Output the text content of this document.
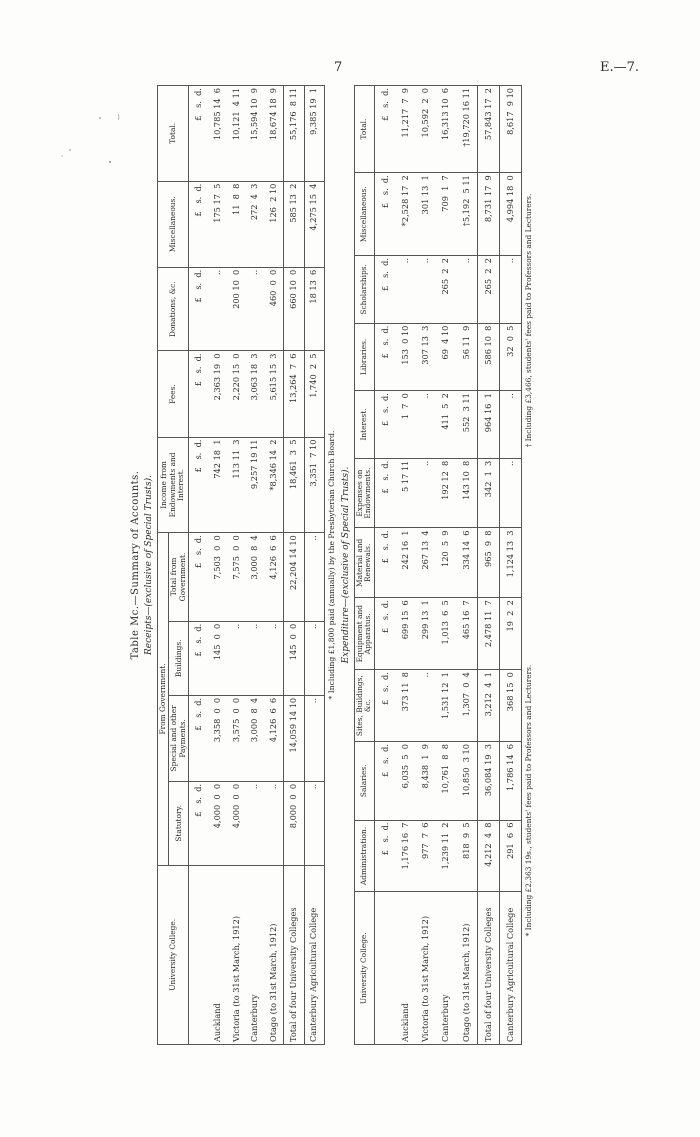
7	E.—7.
Table Mc.—Summary of Accounts. Receipts—(exclusive of Special Trusts).
University College.	From Government.				Income from Endowments and Interest.	Fees.	Donations, &c.	Miscellaneous.	Total.
	Statutory.	Special and other Payments.	Buildings.	Total from Government.					
	£   s.  d.	£   s.  d.	£   s.  d.	£   s.  d.	£   s.  d.	£   s.  d.	£   s.  d.	£   s.  d.	£   s.  d.
Auckland	4,000  0  0	3,358  0  0	145  0  0	7,503  0  0	742 18  1	2,363 19  0	..	175 17  5	10,785 14  6
Victoria (to 31st March, 1912)	4,000  0  0	3,575  0  0	..	7,575  0  0	113 11  3	2,220 15  0	200 10  0	11  8  8	10,121  4 11
Canterbury	..	3,000  8  4	..	3,000  8  4	9,257 19 11	3,063 18  3	..	272  4  3	15,594 10  9
Otago (to 31st March, 1912)	..	4,126  6  6	..	4,126  6  6	*8,346 14  2	5,615 15  3	460  0  0	126  2 10	18,674 18  9
Total of four University Colleges	8,000  0  0	14,059 14 10	145  0  0	22,204 14 10	18,461  3  5	13,264  7  6	660 10  0	585 13  2	55,176  8 11
Canterbury Agricultural College	..	..	..	..	3,351  7 10	1,740  2  5	18 13  6	4,275 15  4	9,385 19  1
* Including £1,800 paid (annually) by the Presbyterian Church Board. Expenditure—(exclusive of Special Trusts).
University College.	Administration.	Salaries.	Sites, Buildings, &c.	Equipment and Apparatus.	Material and Renewals.	Expenses on Endowments.	Interest.	Libraries.	Scholarships.	Miscellaneous.	Total.
	£   s.  d.	£   s.  d.	£   s.  d.	£   s.  d.	£   s.  d.	£   s.  d.	£   s.  d.	£   s.  d.	£   s.  d.	£   s.  d.	£   s.  d.
Auckland	1,176 16  7	6,035  5  0	373 11  8	699 15  6	242 16  1	5 17 11	1  7  0	153  0 10	..	*2,528 17  2	11,217  7  9
Victoria (to 31st March, 1912)	977  7  6	8,438  1  9	..	299 13  1	267 13  4	..	..	307 13  3	..	301 13  1	10,592  2  0
Canterbury	1,239 11  2	10,761  8  8	1,531 12  1	1,013  6  5	120  5  9	192 12  8	411  5  2	69  4 10	265  2  2	709  1  7	16,313 10  6
Otago (to 31st March, 1912)	818  9  5	10,850  3 10	1,307  0  4	465 16  7	334 14  6	143 10  8	552  3 11	56 11  9	..	†5,192  5 11	†19,720 16 11
Total of four University Colleges	4,212  4  8	36,084 19  3	3,212  4  1	2,478 11  7	965  9  8	342  1  3	964 16  1	586 10  8	265  2  2	8,731 17  9	57,843 17  2
Canterbury Agricultural College	291  6  6	1,786 14  6	368 15  0	19  2  2	1,124 13  3	..	..	32  0  5	..	4,994 18  0	8,617  9 10
* Including £2,363 19s., students' fees paid to Professors and Lecturers.
† Including £3,466, students' fees paid to Professors and Lecturers.
